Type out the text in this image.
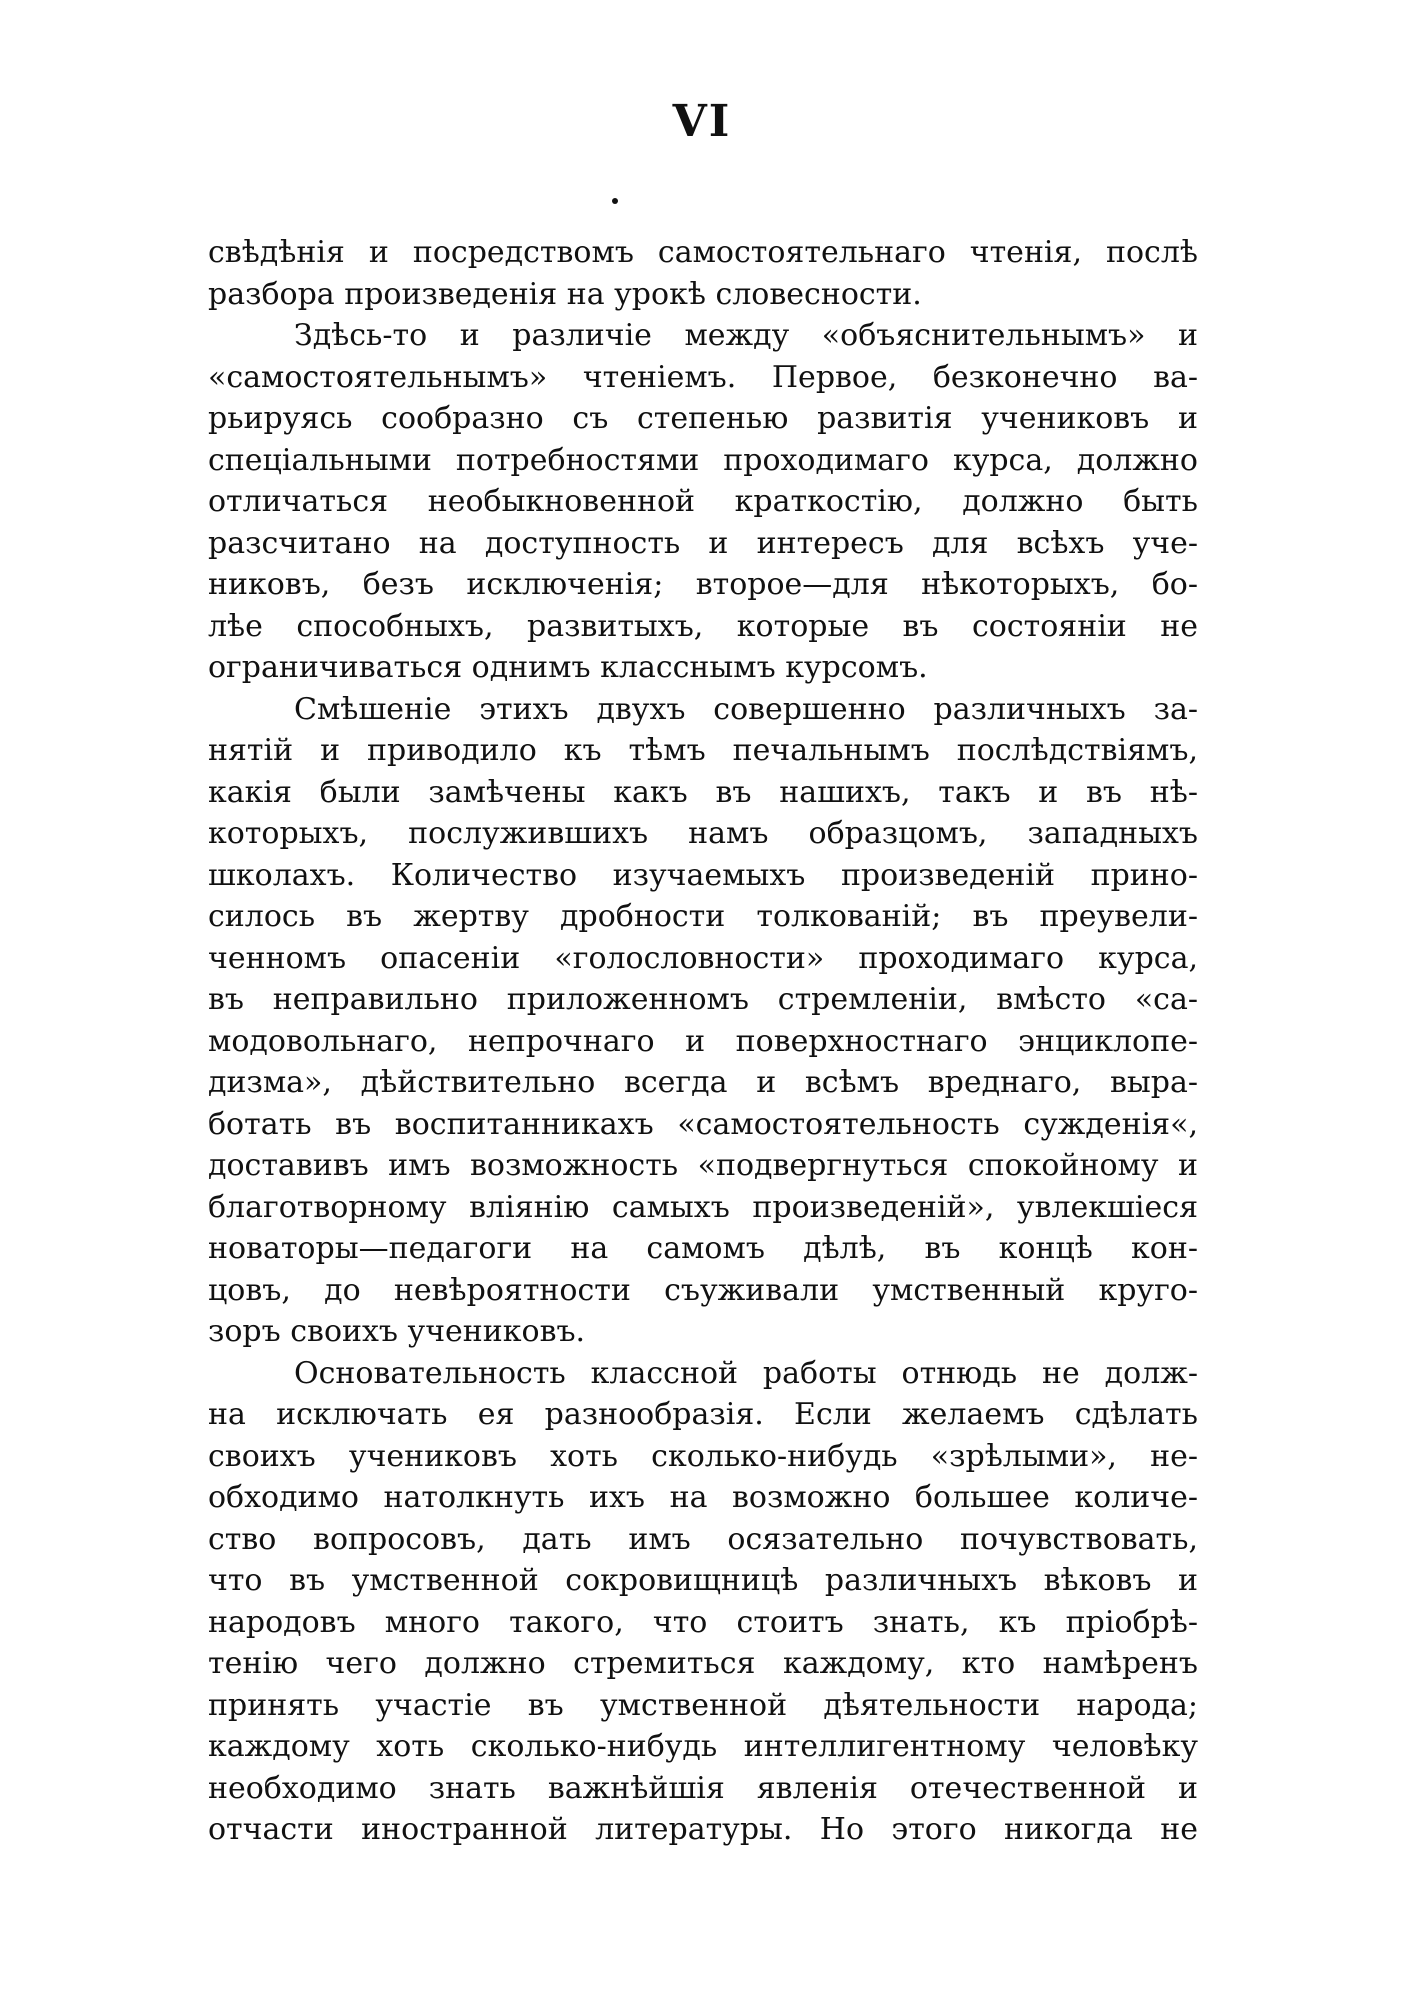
VI
свѣдѣнія и посредствомъ самостоятельнаго чтенія, послѣ
разбора произведенія на урокѣ словесности.
Здѣсь-то и различіе между «объяснительнымъ» и
«самостоятельнымъ» чтеніемъ. Первое, безконечно ва-
рьируясь сообразно съ степенью развитія учениковъ и
спеціальными потребностями проходимаго курса, должно
отличаться необыкновенной краткостію, должно быть
разсчитано на доступность и интересъ для всѣхъ уче-
никовъ, безъ исключенія; второе—для нѣкоторыхъ, бо-
лѣе способныхъ, развитыхъ, которые въ состояніи не
ограничиваться однимъ класснымъ курсомъ.
Смѣшеніе этихъ двухъ совершенно различныхъ за-
нятій и приводило къ тѣмъ печальнымъ послѣдствіямъ,
какія были замѣчены какъ въ нашихъ, такъ и въ нѣ-
которыхъ, послужившихъ намъ образцомъ, западныхъ
школахъ. Количество изучаемыхъ произведеній прино-
силось въ жертву дробности толкованій; въ преувели-
ченномъ опасеніи «голословности» проходимаго курса,
въ неправильно приложенномъ стремленіи, вмѣсто «са-
модовольнаго, непрочнаго и поверхностнаго энциклопе-
дизма», дѣйствительно всегда и всѣмъ вреднаго, выра-
ботать въ воспитанникахъ «самостоятельность сужденія«,
доставивъ имъ возможность «подвергнуться спокойному и
благотворному вліянію самыхъ произведеній», увлекшіеся
новаторы—педагоги на самомъ дѣлѣ, въ концѣ кон-
цовъ, до невѣроятности съуживали умственный круго-
зоръ своихъ учениковъ.
Основательность классной работы отнюдь не долж-
на исключать ея разнообразія. Если желаемъ сдѣлать
своихъ учениковъ хоть сколько-нибудь «зрѣлыми», не-
обходимо натолкнуть ихъ на возможно большее количе-
ство вопросовъ, дать имъ осязательно почувствовать,
что въ умственной сокровищницѣ различныхъ вѣковъ и
народовъ много такого, что стоитъ знать, къ пріобрѣ-
тенію чего должно стремиться каждому, кто намѣренъ
принять участіе въ умственной дѣятельности народа;
каждому хоть сколько-нибудь интеллигентному человѣку
необходимо знать важнѣйшія явленія отечественной и
отчасти иностранной литературы. Но этого никогда не
